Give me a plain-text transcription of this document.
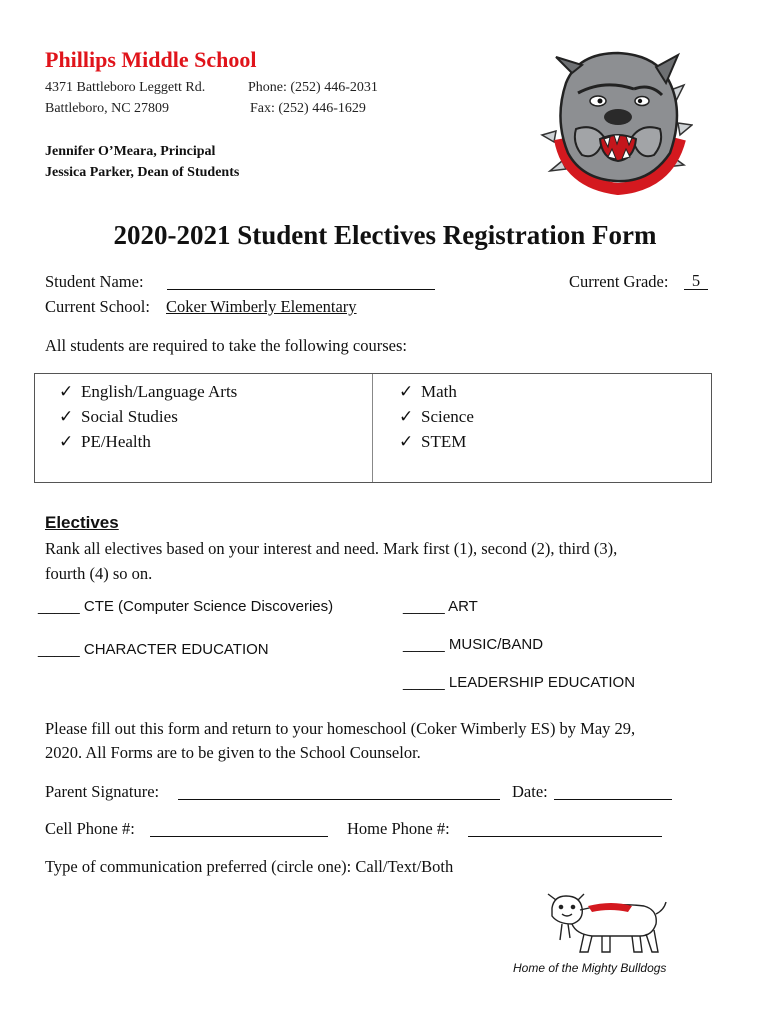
Phillips Middle School
4371 Battleboro Leggett Rd.
Battleboro, NC 27809
Phone: (252) 446-2031
Fax: (252) 446-1629
Jennifer O’Meara, Principal
Jessica Parker, Dean of Students
2020-2021 Student Electives Registration Form
Student Name:	Current Grade:	5
Current School: Coker Wimberly Elementary
All students are required to take the following courses:
✓ English/Language Arts
✓ Social Studies
✓ PE/Health
✓ Math
✓ Science
✓ STEM
Electives
Rank all electives based on your interest and need. Mark first (1), second (2), third (3),
fourth (4) so on.
_____ CTE (Computer Science Discoveries)	_____ ART
_____ CHARACTER EDUCATION	_____ MUSIC/BAND
_____ LEADERSHIP EDUCATION
Please fill out this form and return to your homeschool (Coker Wimberly ES) by May 29,
2020. All Forms are to be given to the School Counselor.
Parent Signature:	Date:
Cell Phone #:	Home Phone #:
Type of communication preferred (circle one): Call/Text/Both
Home of the Mighty Bulldogs
